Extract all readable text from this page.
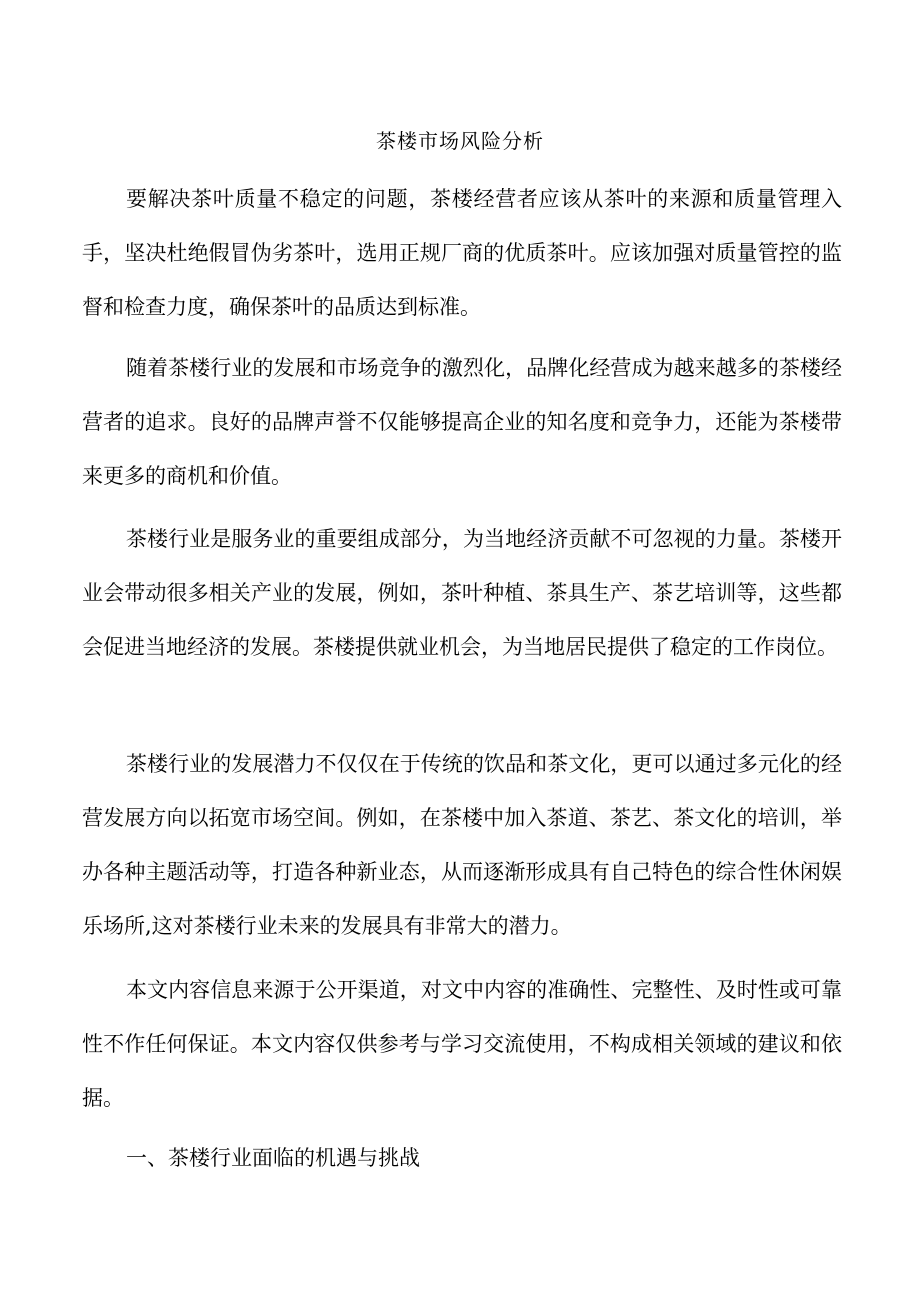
茶楼市场风险分析

要解决茶叶质量不稳定的问题，茶楼经营者应该从茶叶的来源和质量管理入手，坚决杜绝假冒伪劣茶叶，选用正规厂商的优质茶叶。应该加强对质量管控的监督和检查力度，确保茶叶的品质达到标准。

随着茶楼行业的发展和市场竞争的激烈化，品牌化经营成为越来越多的茶楼经营者的追求。良好的品牌声誉不仅能够提高企业的知名度和竞争力，还能为茶楼带来更多的商机和价值。

茶楼行业是服务业的重要组成部分，为当地经济贡献不可忽视的力量。茶楼开业会带动很多相关产业的发展，例如，茶叶种植、茶具生产、茶艺培训等，这些都会促进当地经济的发展。茶楼提供就业机会，为当地居民提供了稳定的工作岗位。

茶楼行业的发展潜力不仅仅在于传统的饮品和茶文化，更可以通过多元化的经营发展方向以拓宽市场空间。例如，在茶楼中加入茶道、茶艺、茶文化的培训，举办各种主题活动等，打造各种新业态，从而逐渐形成具有自己特色的综合性休闲娱乐场所,这对茶楼行业未来的发展具有非常大的潜力。

本文内容信息来源于公开渠道，对文中内容的准确性、完整性、及时性或可靠性不作任何保证。本文内容仅供参考与学习交流使用，不构成相关领域的建议和依据。

一、茶楼行业面临的机遇与挑战
